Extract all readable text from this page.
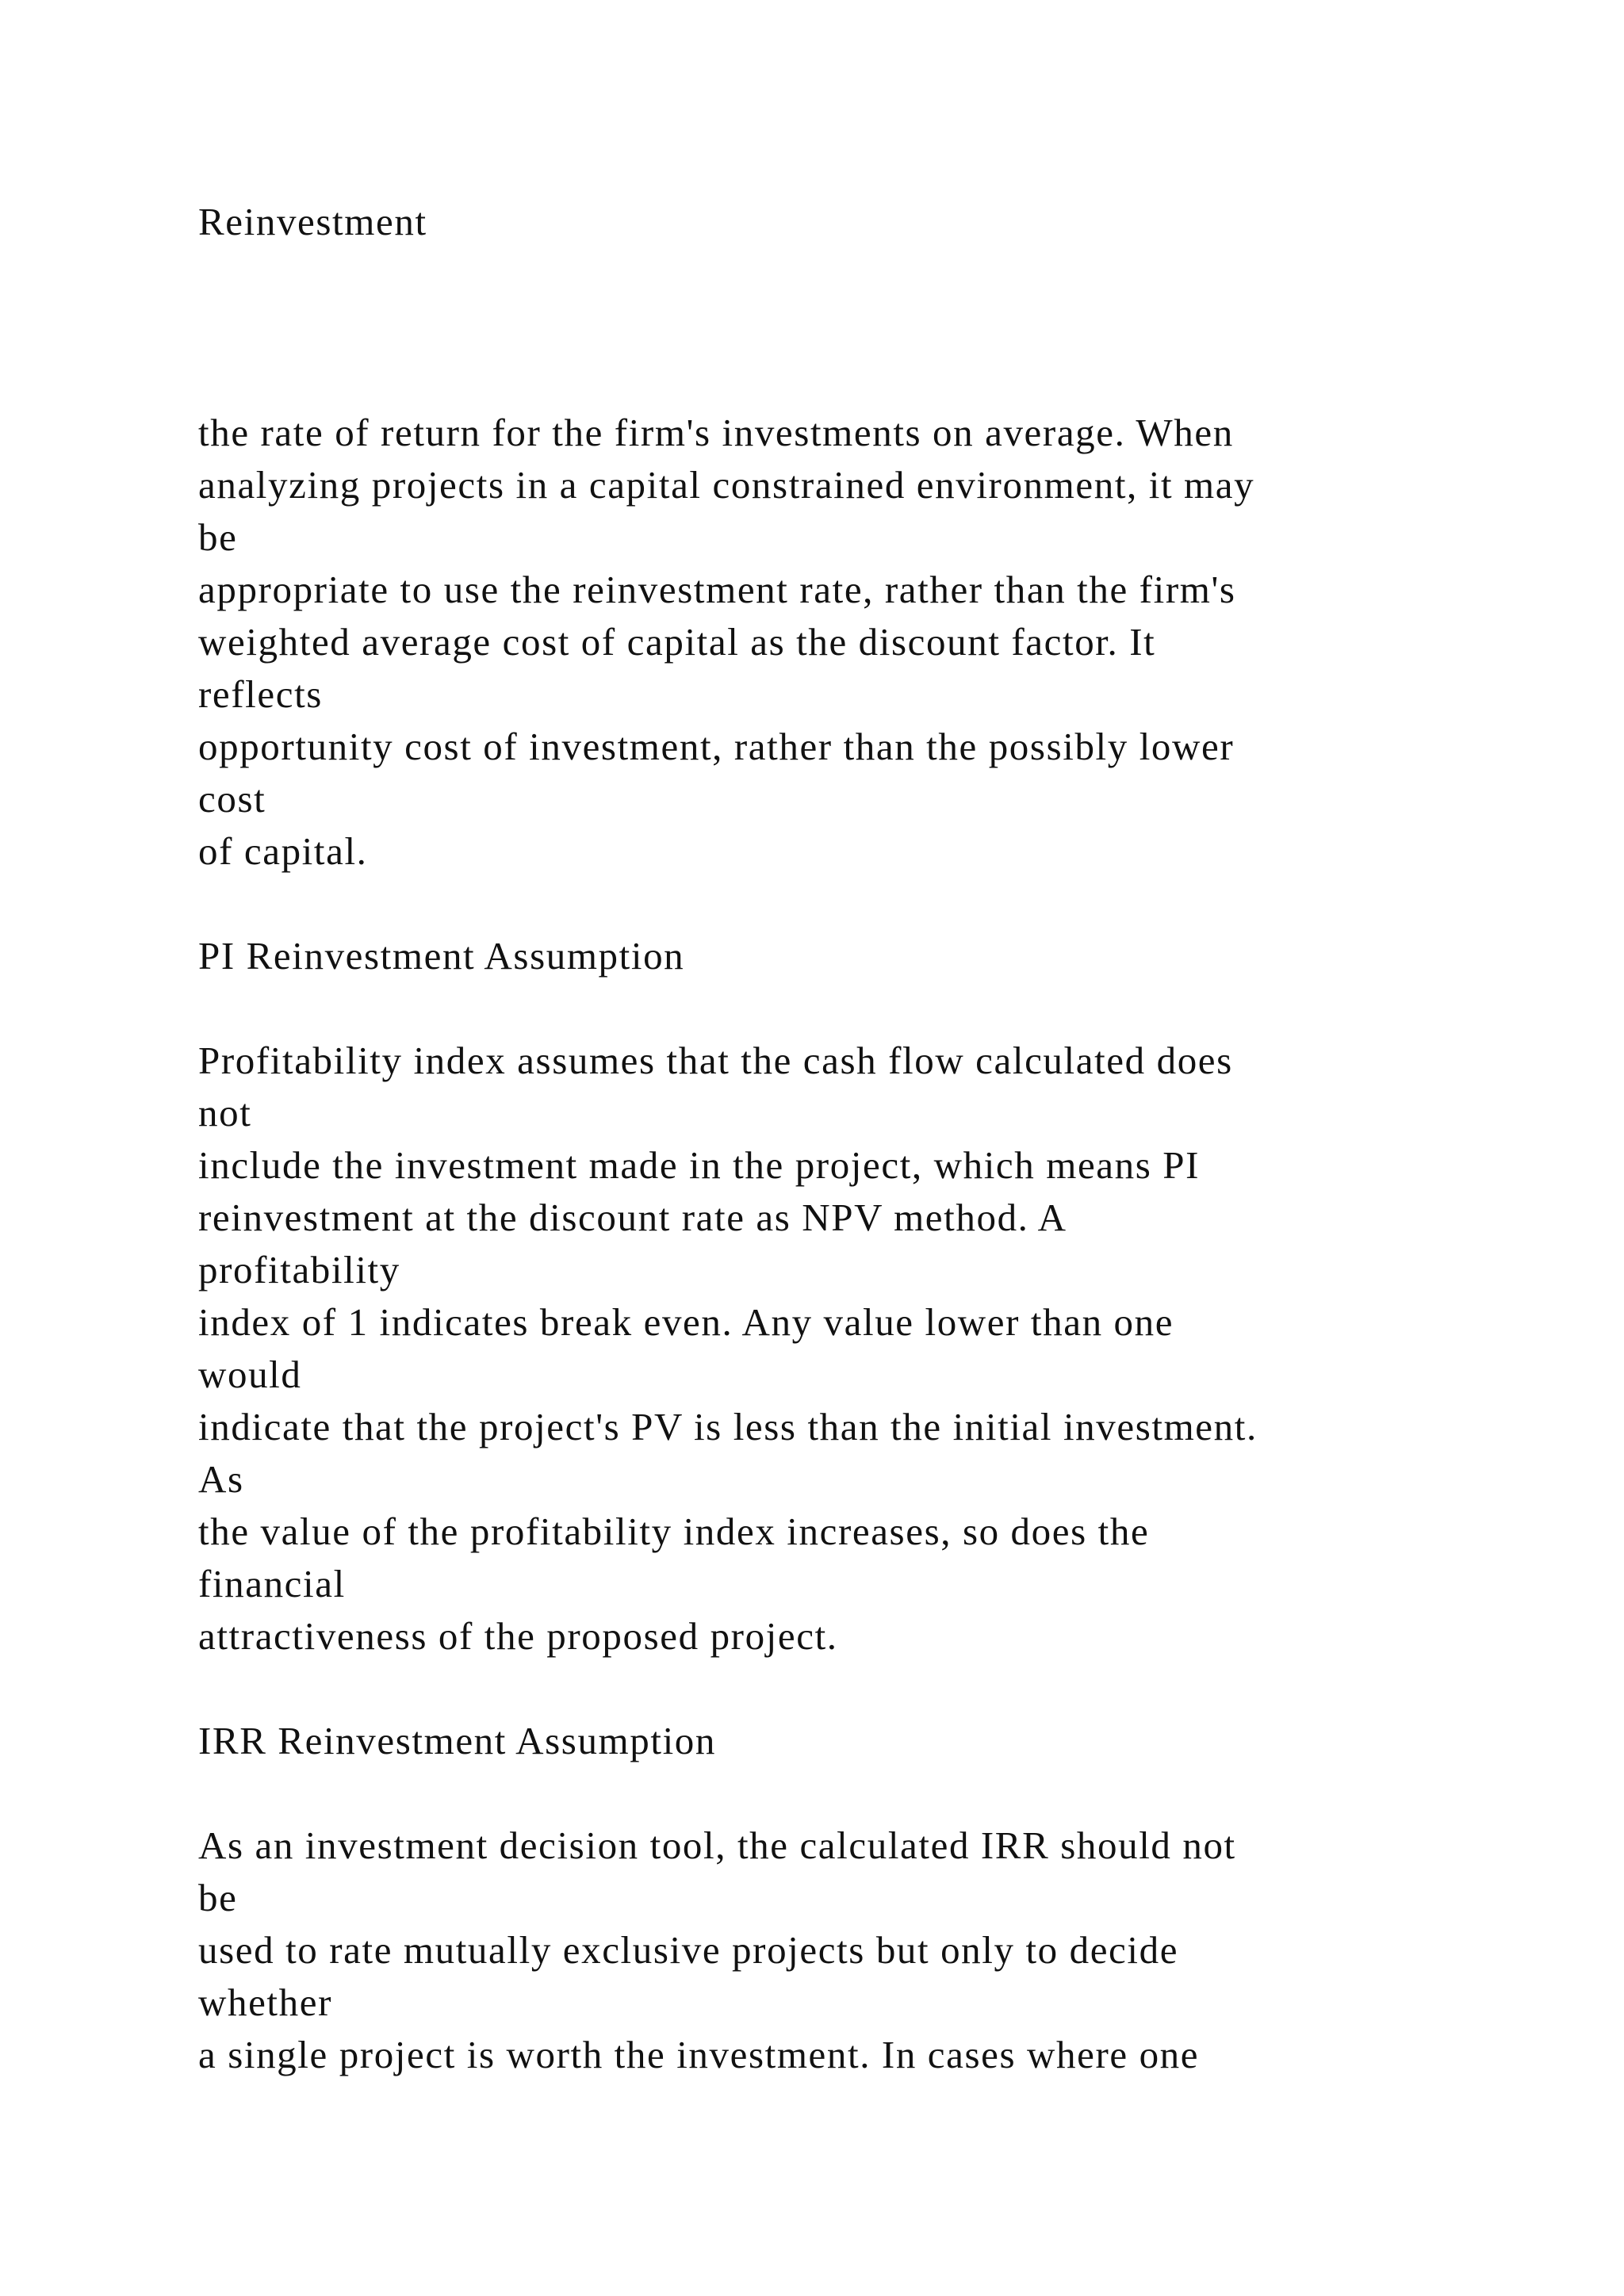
Reinvestment

the rate of return for the firm's investments on average. When

analyzing projects in a capital constrained environment, it may

be

appropriate to use the reinvestment rate, rather than the firm's

weighted average cost of capital as the discount factor. It

reflects

opportunity cost of investment, rather than the possibly lower

cost

of capital.

PI Reinvestment Assumption

Profitability index assumes that the cash flow calculated does

not

include the investment made in the project, which means PI

reinvestment at the discount rate as NPV method. A

profitability

index of 1 indicates break even. Any value lower than one

would

indicate that the project's PV is less than the initial investment.

As

the value of the profitability index increases, so does the

financial

attractiveness of the proposed project.

IRR Reinvestment Assumption

As an investment decision tool, the calculated IRR should not

be

used to rate mutually exclusive projects but only to decide

whether

a single project is worth the investment. In cases where one
